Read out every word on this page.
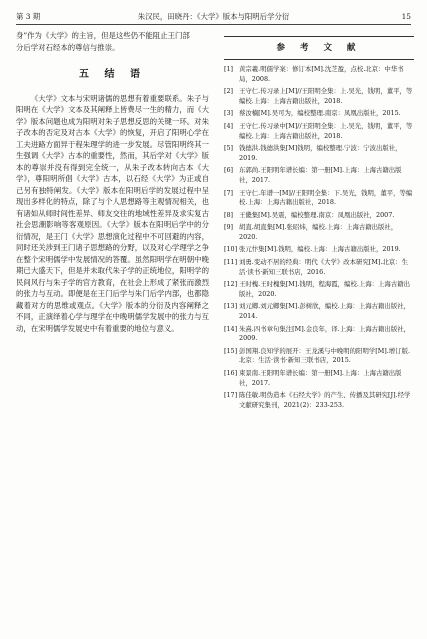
第 3 期	朱汉民，田晓丹：《大学》版本与阳明后学分衍	15

身”作为《大学》的主旨，但是这些仍不能阻止王门部
分后学对石经本的尊信与推崇。

五 结 语

《大学》文本与宋明诸儒的思想有着重要联系。朱子与阳明在《大学》文本及其阐释上皆费尽一生的精力，而《大学》版本问题也成为阳明对朱子思想反思的关键一环。对朱子改本的否定及对古本《大学》的恢复，开启了阳明心学在工夫进路方面异于程朱理学的进一步发展。尽管阳明终其一生强调《大学》古本的重要性，然而，其后学对《大学》版本的尊崇并没有得到完全统一，从朱子改本转向古本《大学》，尊阳明所倡《大学》古本，以石经《大学》为正或自己另有独特阐发。《大学》版本在阳明后学的发展过程中呈现出多样化的特点，除了与个人思想路等主观情况相关，也有诸如从师时间性差异、师友交往的地域性差异及求实复古社会思潮影响等客观原因。《大学》版本在阳明后学中的分衍情况，是王门《大学》思想演化过程中不可回避的内容，同时还关涉到王门诸子思想路的分野，以及对心学理学之争在整个宋明儒学中发展情况的答覆。虽然阳明学在明朝中晚期已大盛天下，但是并未取代朱子学的正统地位，阳明学的民间风行与朱子学的官方教育，在社会上形成了紧张而激烈的张力与互动。即便是在王门后学与朱门后学内部，也都隐藏着对方的思维或观点。《大学》版本的分衍及内容阐释之不同，正演绎着心学与理学在中晚明儒学发展中的张力与互动，在宋明儒学发展史中有着重要的地位与意义。

参 考 文 献
[1] 黄宗羲.明儒学案：修订本[M].沈芝盈，点校.北京：中华书局，2008.
[2] 王守仁.传习录上[M]//王阳明全集：上.吴光，钱明，董平，等编校.上海：上海古籍出版社，2018.
[3] 蔡汝楠[M].吴可为，编校整理.南京：凤凰出版社，2015.
[4] 王守仁.传习录中[M]//王阳明全集：上.吴光，钱明，董平，等编校.上海：上海古籍出版社，2018.
[5] 钱德洪.钱德洪集[M]钱明，编校整理.宁波：宁波出版社，2019.
[6] 东郭尚.王阳明年谱长编：第一册[M].上海：上海古籍出版社，2017.
[7] 王守仁.年谱一[M]//王阳明全集：下.吴光，钱明，董平，等编校.上海：上海古籍出版社，2018.
[8] 王畿集[M].吴震，编校整理.南京：凤凰出版社，2007.
[9] 胡直.胡直集[M].张昭炜，编校.上海：上海古籍出版社，2020.
[10] 张元忭集[M].钱明，编校.上海：上海古籍出版社，2019.
[11] 刘勇.变动不居的经典：明代《大学》改本研究[M].北京：生活·读书·新知三联书店，2016.
[12] 王时槐.王时槐集[M].钱明，程海霞，编校.上海：上海古籍出版社，2020.
[13] 刘元卿.刘元卿集[M].彭树欣，编校.上海：上海古籍出版社，2014.
[14] 朱熹.四书章句集注[M].金良年，译.上海：上海古籍出版社，2009.
[15] 彭国翔.良知学的展开：王龙溪与中晚明的阳明学[M].增订版.北京：生活·读书·新知三联书店，2015.
[16] 束景南.王阳明年谱长编：第一册[M].上海：上海古籍出版社，2017.
[17] 陈佳敏.明伪造本《石经大学》的产生、传播及其研究[J].经学文献研究集刊，2021(2)：233-253.
